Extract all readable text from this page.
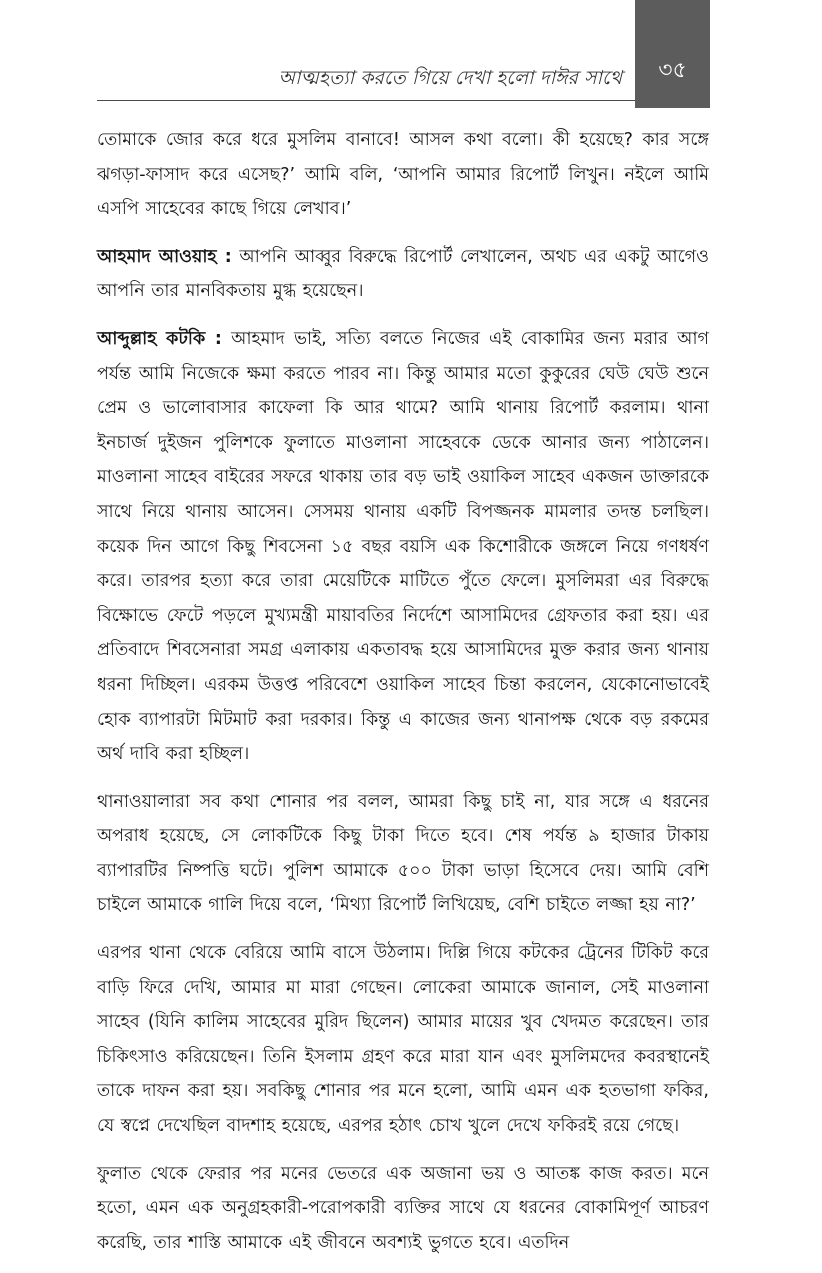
আত্মহত্যা করতে গিয়ে দেখা হলো দাঈর সাথে	৩৫

তোমাকে জোর করে ধরে মুসলিম বানাবে! আসল কথা বলো। কী হয়েছে? কার সঙ্গে ঝগড়া-ফাসাদ করে এসেছ?’ আমি বলি, ‘আপনি আমার রিপোর্ট লিখুন। নইলে আমি এসপি সাহেবের কাছে গিয়ে লেখাব।’

আহমাদ আওয়াহ : আপনি আব্বুর বিরুদ্ধে রিপোর্ট লেখালেন, অথচ এর একটু আগেও আপনি তার মানবিকতায় মুগ্ধ হয়েছেন।

আব্দুল্লাহ কটকি : আহমাদ ভাই, সত্যি বলতে নিজের এই বোকামির জন্য মরার আগ পর্যন্ত আমি নিজেকে ক্ষমা করতে পারব না। কিন্তু আমার মতো কুকুরের ঘেউ ঘেউ শুনে প্রেম ও ভালোবাসার কাফেলা কি আর থামে? আমি থানায় রিপোর্ট করলাম। থানা ইনচার্জ দুইজন পুলিশকে ফুলাতে মাওলানা সাহেবকে ডেকে আনার জন্য পাঠালেন। মাওলানা সাহেব বাইরের সফরে থাকায় তার বড় ভাই ওয়াকিল সাহেব একজন ডাক্তারকে সাথে নিয়ে থানায় আসেন। সেসময় থানায় একটি বিপজ্জনক মামলার তদন্ত চলছিল। কয়েক দিন আগে কিছু শিবসেনা ১৫ বছর বয়সি এক কিশোরীকে জঙ্গলে নিয়ে গণধর্ষণ করে। তারপর হত্যা করে তারা মেয়েটিকে মাটিতে পুঁতে ফেলে। মুসলিমরা এর বিরুদ্ধে বিক্ষোভে ফেটে পড়লে মুখ্যমন্ত্রী মায়াবতির নির্দেশে আসামিদের গ্রেফতার করা হয়। এর প্রতিবাদে শিবসেনারা সমগ্র এলাকায় একতাবদ্ধ হয়ে আসামিদের মুক্ত করার জন্য থানায় ধরনা দিচ্ছিল। এরকম উত্তপ্ত পরিবেশে ওয়াকিল সাহেব চিন্তা করলেন, যেকোনোভাবেই হোক ব্যাপারটা মিটমাট করা দরকার। কিন্তু এ কাজের জন্য থানাপক্ষ থেকে বড় রকমের অর্থ দাবি করা হচ্ছিল।

থানাওয়ালারা সব কথা শোনার পর বলল, আমরা কিছু চাই না, যার সঙ্গে এ ধরনের অপরাধ হয়েছে, সে লোকটিকে কিছু টাকা দিতে হবে। শেষ পর্যন্ত ৯ হাজার টাকায় ব্যাপারটির নিষ্পত্তি ঘটে। পুলিশ আমাকে ৫০০ টাকা ভাড়া হিসেবে দেয়। আমি বেশি চাইলে আমাকে গালি দিয়ে বলে, ‘মিথ্যা রিপোর্ট লিখিয়েছ, বেশি চাইতে লজ্জা হয় না?’

এরপর থানা থেকে বেরিয়ে আমি বাসে উঠলাম। দিল্লি গিয়ে কটকের ট্রেনের টিকিট করে বাড়ি ফিরে দেখি, আমার মা মারা গেছেন। লোকেরা আমাকে জানাল, সেই মাওলানা সাহেব (যিনি কালিম সাহেবের মুরিদ ছিলেন) আমার মায়ের খুব খেদমত করেছেন। তার চিকিৎসাও করিয়েছেন। তিনি ইসলাম গ্রহণ করে মারা যান এবং মুসলিমদের কবরস্থানেই তাকে দাফন করা হয়। সবকিছু শোনার পর মনে হলো, আমি এমন এক হতভাগা ফকির, যে স্বপ্নে দেখেছিল বাদশাহ হয়েছে, এরপর হঠাৎ চোখ খুলে দেখে ফকিরই রয়ে গেছে।

ফুলাত থেকে ফেরার পর মনের ভেতরে এক অজানা ভয় ও আতঙ্ক কাজ করত। মনে হতো, এমন এক অনুগ্রহকারী-পরোপকারী ব্যক্তির সাথে যে ধরনের বোকামিপূর্ণ আচরণ করেছি, তার শাস্তি আমাকে এই জীবনে অবশ্যই ভুগতে হবে। এতদিন
